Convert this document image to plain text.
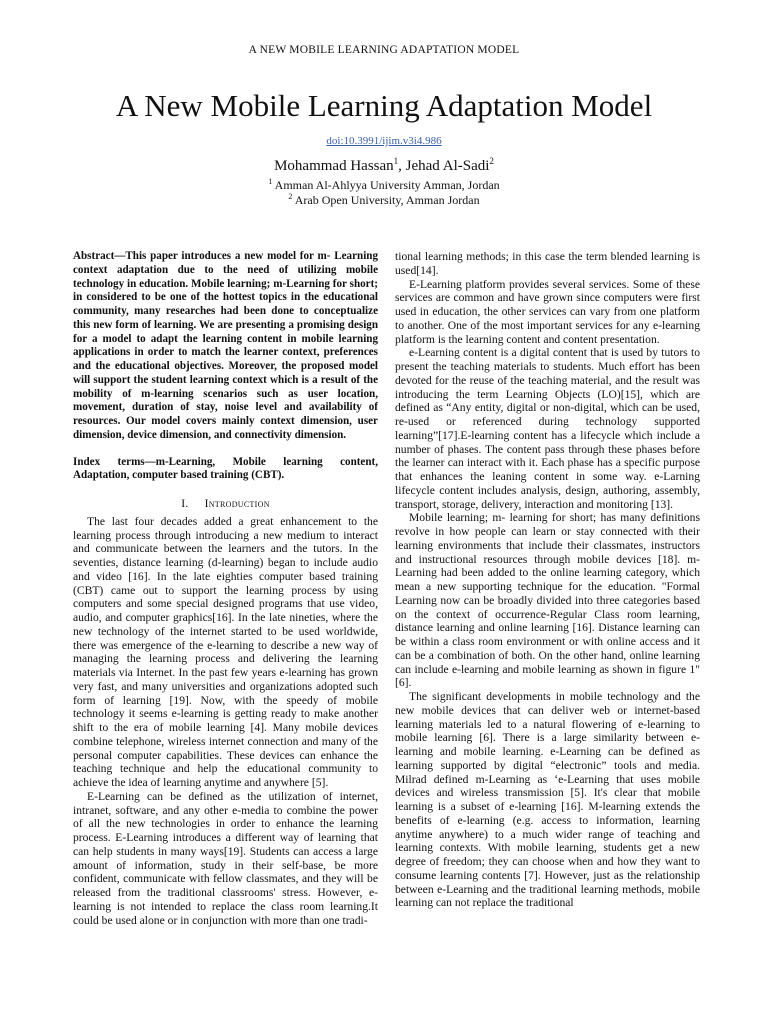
A NEW MOBILE LEARNING ADAPTATION MODEL
A New Mobile Learning Adaptation Model
doi:10.3991/ijim.v3i4.986
Mohammad Hassan$^1$, Jehad Al-Sadi$^2$
$^1$ Amman Al-Ahlyya University Amman, Jordan
$^2$ Arab Open University, Amman Jordan

Abstract—This paper introduces a new model for m- Learning context adaptation due to the need of utilizing mobile technology in education. Mobile learning; m-Learning for short; in considered to be one of the hottest topics in the educational community, many researches had been done to conceptualize this new form of learning. We are presenting a promising design for a model to adapt the learning content in mobile learning applications in order to match the learner context, preferences and the educational objectives. Moreover, the proposed model will support the student learning context which is a result of the mobility of m-learning scenarios such as user location, movement, duration of stay, noise level and availability of resources. Our model covers mainly context dimension, user dimension, device dimension, and connectivity dimension.

Index terms—m-Learning, Mobile learning content, Adaptation, computer based training (CBT).

I. Introduction

The last four decades added a great enhancement to the learning process through introducing a new medium to interact and communicate between the learners and the tutors. In the seventies, distance learning (d-learning) began to include audio and video [16]. In the late eighties computer based training (CBT) came out to support the learning process by using computers and some special designed programs that use video, audio, and computer graphics[16]. In the late nineties, where the new technology of the internet started to be used worldwide, there was emergence of the e-learning to describe a new way of managing the learning process and delivering the learning materials via Internet. In the past few years e-learning has grown very fast, and many universities and organizations adopted such form of learning [19]. Now, with the speedy of mobile technology it seems e-learning is getting ready to make another shift to the era of mobile learning [4]. Many mobile devices combine telephone, wireless internet connection and many of the personal computer capabilities. These devices can enhance the teaching technique and help the educational community to achieve the idea of learning anytime and anywhere [5].

E-Learning can be defined as the utilization of internet, intranet, software, and any other e-media to combine the power of all the new technologies in order to enhance the learning process. E-Learning introduces a different way of learning that can help students in many ways[19]. Students can access a large amount of information, study in their self-base, be more confident, communicate with fellow classmates, and they will be released from the traditional classrooms' stress. However, e-learning is not intended to replace the class room learning.It could be used alone or in conjunction with more than one tradi-

tional learning methods; in this case the term blended learning is used[14].

E-Learning platform provides several services. Some of these services are common and have grown since computers were first used in education, the other services can vary from one platform to another. One of the most important services for any e-learning platform is the learning content and content presentation.

e-Learning content is a digital content that is used by tutors to present the teaching materials to students. Much effort has been devoted for the reuse of the teaching material, and the result was introducing the term Learning Objects (LO)[15], which are defined as “Any entity, digital or non-digital, which can be used, re-used or referenced during technology supported learning”[17].E-learning content has a lifecycle which include a number of phases. The content pass through these phases before the learner can interact with it. Each phase has a specific purpose that enhances the leaning content in some way. e-Larning lifecycle content includes analysis, design, authoring, assembly, transport, storage, delivery, interaction and monitoring [13].

Mobile learning; m- learning for short; has many definitions revolve in how people can learn or stay connected with their learning environments that include their classmates, instructors and instructional resources through mobile devices [18]. m-Learning had been added to the online learning category, which mean a new supporting technique for the education. "Formal Learning now can be broadly divided into three categories based on the context of occurrence-Regular Class room learning, distance learning and online learning [16]. Distance learning can be within a class room environment or with online access and it can be a combination of both. On the other hand, online learning can include e-learning and mobile learning as shown in figure 1" [6].

The significant developments in mobile technology and the new mobile devices that can deliver web or internet-based learning materials led to a natural flowering of e-learning to mobile learning [6]. There is a large similarity between e-learning and mobile learning. e-Learning can be defined as learning supported by digital “electronic” tools and media. Milrad defined m-Learning as ‘e-Learning that uses mobile devices and wireless transmission [5]. It's clear that mobile learning is a subset of e-learning [16]. M-learning extends the benefits of e-learning (e.g. access to information, learning anytime anywhere) to a much wider range of teaching and learning contexts. With mobile learning, students get a new degree of freedom; they can choose when and how they want to consume learning contents [7]. However, just as the relationship between e-Learning and the traditional learning methods, mobile learning can not replace the traditional
